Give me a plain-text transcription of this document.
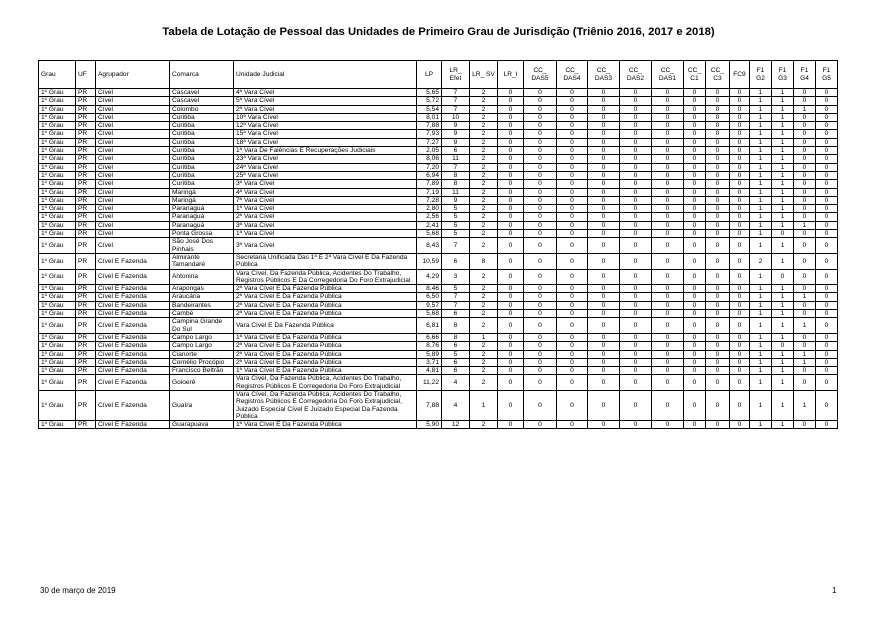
Tabela de Lotação de Pessoal das Unidades de Primeiro Grau de Jurisdição (Triênio 2016, 2017 e 2018)
Grau	UF	Agrupador	Comarca	Unidade Judicial	LP	LR_ Efet	LR_ SV	LR_I	CC_ DAS5	CC_ DAS4	CC_ DAS3	CC_ DAS2	CC_ DAS1	CC_ C1	CC_ C3	FC9	F1 G2	F1 G3	F1 G4	F1 G5
1º Grau	PR	Cível	Cascavel	4ª Vara Cível	5,65	7	2	0	0	0	0	0	0	0	0	0	1	1	0	0
1º Grau	PR	Cível	Cascavel	5ª Vara Cível	5,72	7	2	0	0	0	0	0	0	0	0	0	1	1	0	0
1º Grau	PR	Cível	Colombo	2ª Vara Cível	5,54	7	2	0	0	0	0	0	0	0	0	0	1	1	1	0
1º Grau	PR	Cível	Curitiba	10ª Vara Cível	8,01	10	2	0	0	0	0	0	0	0	0	0	1	1	0	0
1º Grau	PR	Cível	Curitiba	12ª Vara Cível	7,88	9	2	0	0	0	0	0	0	0	0	0	1	1	0	0
1º Grau	PR	Cível	Curitiba	15ª Vara Cível	7,93	9	2	0	0	0	0	0	0	0	0	0	1	1	0	0
1º Grau	PR	Cível	Curitiba	18ª Vara Cível	7,27	9	2	0	0	0	0	0	0	0	0	0	1	1	0	0
1º Grau	PR	Cível	Curitiba	1ª Vara De Falências E Recuperações Judiciais	2,05	6	2	0	0	0	0	0	0	0	0	0	1	1	0	0
1º Grau	PR	Cível	Curitiba	23ª Vara Cível	8,06	11	2	0	0	0	0	0	0	0	0	0	1	1	0	0
1º Grau	PR	Cível	Curitiba	24ª Vara Cível	7,20	7	2	0	0	0	0	0	0	0	0	0	1	1	0	0
1º Grau	PR	Cível	Curitiba	25ª Vara Cível	6,94	8	2	0	0	0	0	0	0	0	0	0	1	1	0	0
1º Grau	PR	Cível	Curitiba	3ª Vara Cível	7,89	8	2	0	0	0	0	0	0	0	0	0	1	1	0	0
1º Grau	PR	Cível	Maringá	4ª Vara Cível	7,19	11	2	0	0	0	0	0	0	0	0	0	1	1	0	0
1º Grau	PR	Cível	Maringá	7ª Vara Cível	7,28	9	2	0	0	0	0	0	0	0	0	0	1	1	0	0
1º Grau	PR	Cível	Paranaguá	1ª Vara Cível	2,80	5	2	0	0	0	0	0	0	0	0	0	1	1	0	0
1º Grau	PR	Cível	Paranaguá	2ª Vara Cível	2,56	5	2	0	0	0	0	0	0	0	0	0	1	1	0	0
1º Grau	PR	Cível	Paranaguá	3ª Vara Cível	2,41	5	2	0	0	0	0	0	0	0	0	0	1	1	1	0
1º Grau	PR	Cível	Ponta Grossa	1ª Vara Cível	5,68	5	2	0	0	0	0	0	0	0	0	0	1	0	0	0
1º Grau	PR	Cível	São José Dos Pinhais	3ª Vara Cível	8,43	7	2	0	0	0	0	0	0	0	0	0	1	1	0	0
1º Grau	PR	Cível E Fazenda	Almirante Tamandaré	Secretaria Unificada Das 1ª E 2ª Vara Cível E Da Fazenda Pública	10,59	6	8	0	0	0	0	0	0	0	0	0	2	1	0	0
1º Grau	PR	Cível E Fazenda	Antonina	Vara Cível, Da Fazenda Pública, Acidentes Do Trabalho, Registros Públicos E Da Corregedoria Do Foro Extrajudicial	4,29	3	2	0	0	0	0	0	0	0	0	0	1	0	0	0
1º Grau	PR	Cível E Fazenda	Arapongas	2ª Vara Cível E Da Fazenda Pública	8,46	5	2	0	0	0	0	0	0	0	0	0	1	1	0	0
1º Grau	PR	Cível E Fazenda	Araucária	2ª Vara Cível E Da Fazenda Pública	6,50	7	2	0	0	0	0	0	0	0	0	0	1	1	1	0
1º Grau	PR	Cível E Fazenda	Bandeirantes	2ª Vara Cível E Da Fazenda Pública	9,57	7	2	0	0	0	0	0	0	0	0	0	1	1	0	0
1º Grau	PR	Cível E Fazenda	Cambé	2ª Vara Cível E Da Fazenda Pública	5,68	6	2	0	0	0	0	0	0	0	0	0	1	1	0	0
1º Grau	PR	Cível E Fazenda	Campina Grande Do Sul	Vara Cível E Da Fazenda Pública	6,81	8	2	0	0	0	0	0	0	0	0	0	1	1	1	0
1º Grau	PR	Cível E Fazenda	Campo Largo	1ª Vara Cível E Da Fazenda Pública	6,66	8	1	0	0	0	0	0	0	0	0	0	1	1	0	0
1º Grau	PR	Cível E Fazenda	Campo Largo	2ª Vara Cível E Da Fazenda Pública	8,76	6	2	0	0	0	0	0	0	0	0	0	1	0	0	0
1º Grau	PR	Cível E Fazenda	Cianorte	2ª Vara Cível E Da Fazenda Pública	5,89	5	2	0	0	0	0	0	0	0	0	0	1	1	1	0
1º Grau	PR	Cível E Fazenda	Cornélio Procópio	2ª Vara Cível E Da Fazenda Pública	3,71	6	2	0	0	0	0	0	0	0	0	0	1	1	1	0
1º Grau	PR	Cível E Fazenda	Francisco Beltrão	1ª Vara Cível E Da Fazenda Pública	4,81	6	2	0	0	0	0	0	0	0	0	0	1	1	0	0
1º Grau	PR	Cível E Fazenda	Goioerê	Vara Cível, Da Fazenda Pública, Acidentes Do Trabalho, Registros Públicos E Corregedoria Do Foro Extrajudicial	11,22	4	2	0	0	0	0	0	0	0	0	0	1	1	0	0
1º Grau	PR	Cível E Fazenda	Guaíra	Vara Cível, Da Fazenda Pública, Acidentes Do Trabalho, Registros Públicos E Corregedoria Do Foro Extrajudicial, Juizado Especial Cível E Juizado Especial Da Fazenda Pública	7,88	4	1	0	0	0	0	0	0	0	0	0	1	1	1	0
1º Grau	PR	Cível E Fazenda	Guarapuava	1ª Vara Cível E Da Fazenda Pública	5,90	12	2	0	0	0	0	0	0	0	0	0	1	1	0	0
30 de março de 2019	1
